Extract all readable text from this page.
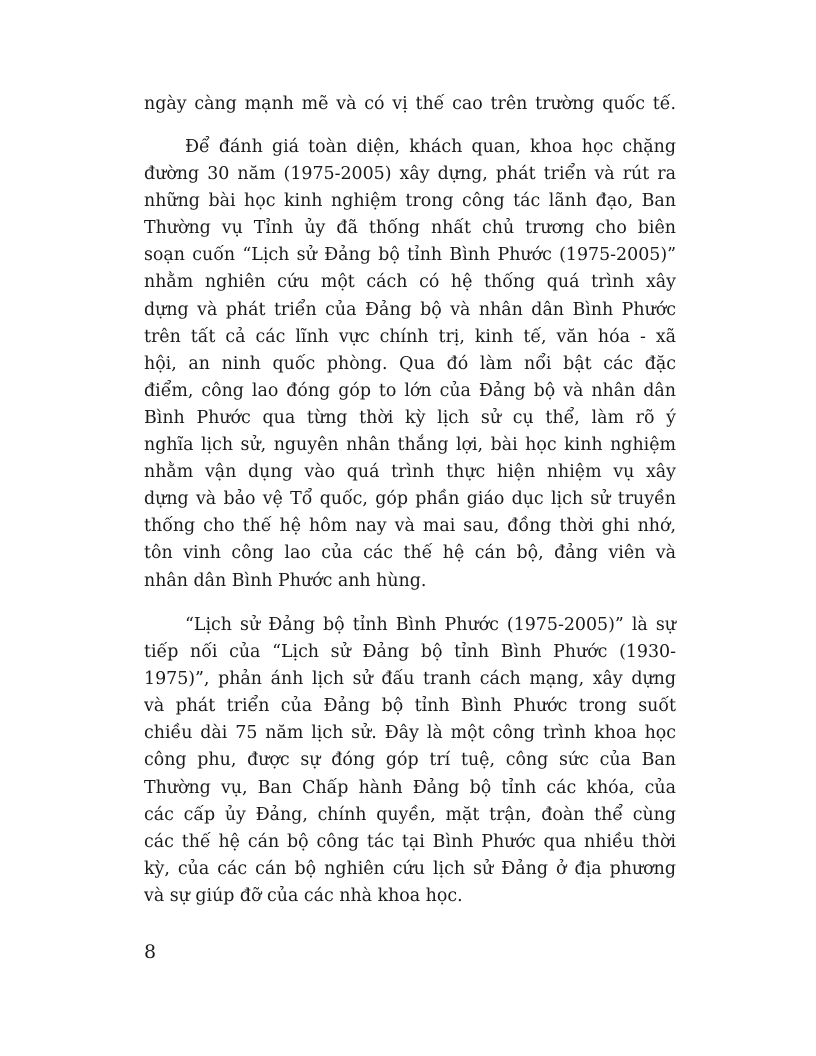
ngày càng mạnh mẽ và có vị thế cao trên trường quốc tế.
Để đánh giá toàn diện, khách quan, khoa học chặng
đường 30 năm (1975-2005) xây dựng, phát triển và rút ra
những bài học kinh nghiệm trong công tác lãnh đạo, Ban
Thường vụ Tỉnh ủy đã thống nhất chủ trương cho biên
soạn cuốn “Lịch sử Đảng bộ tỉnh Bình Phước (1975-2005)”
nhằm nghiên cứu một cách có hệ thống quá trình xây
dựng và phát triển của Đảng bộ và nhân dân Bình Phước
trên tất cả các lĩnh vực chính trị, kinh tế, văn hóa - xã
hội, an ninh quốc phòng. Qua đó làm nổi bật các đặc
điểm, công lao đóng góp to lớn của Đảng bộ và nhân dân
Bình Phước qua từng thời kỳ lịch sử cụ thể, làm rõ ý
nghĩa lịch sử, nguyên nhân thắng lợi, bài học kinh nghiệm
nhằm vận dụng vào quá trình thực hiện nhiệm vụ xây
dựng và bảo vệ Tổ quốc, góp phần giáo dục lịch sử truyền
thống cho thế hệ hôm nay và mai sau, đồng thời ghi nhớ,
tôn vinh công lao của các thế hệ cán bộ, đảng viên và
nhân dân Bình Phước anh hùng.
“Lịch sử Đảng bộ tỉnh Bình Phước (1975-2005)” là sự
tiếp nối của “Lịch sử Đảng bộ tỉnh Bình Phước (1930-
1975)”, phản ánh lịch sử đấu tranh cách mạng, xây dựng
và phát triển của Đảng bộ tỉnh Bình Phước trong suốt
chiều dài 75 năm lịch sử. Đây là một công trình khoa học
công phu, được sự đóng góp trí tuệ, công sức của Ban
Thường vụ, Ban Chấp hành Đảng bộ tỉnh các khóa, của
các cấp ủy Đảng, chính quyền, mặt trận, đoàn thể cùng
các thế hệ cán bộ công tác tại Bình Phước qua nhiều thời
kỳ, của các cán bộ nghiên cứu lịch sử Đảng ở địa phương
và sự giúp đỡ của các nhà khoa học.
8
